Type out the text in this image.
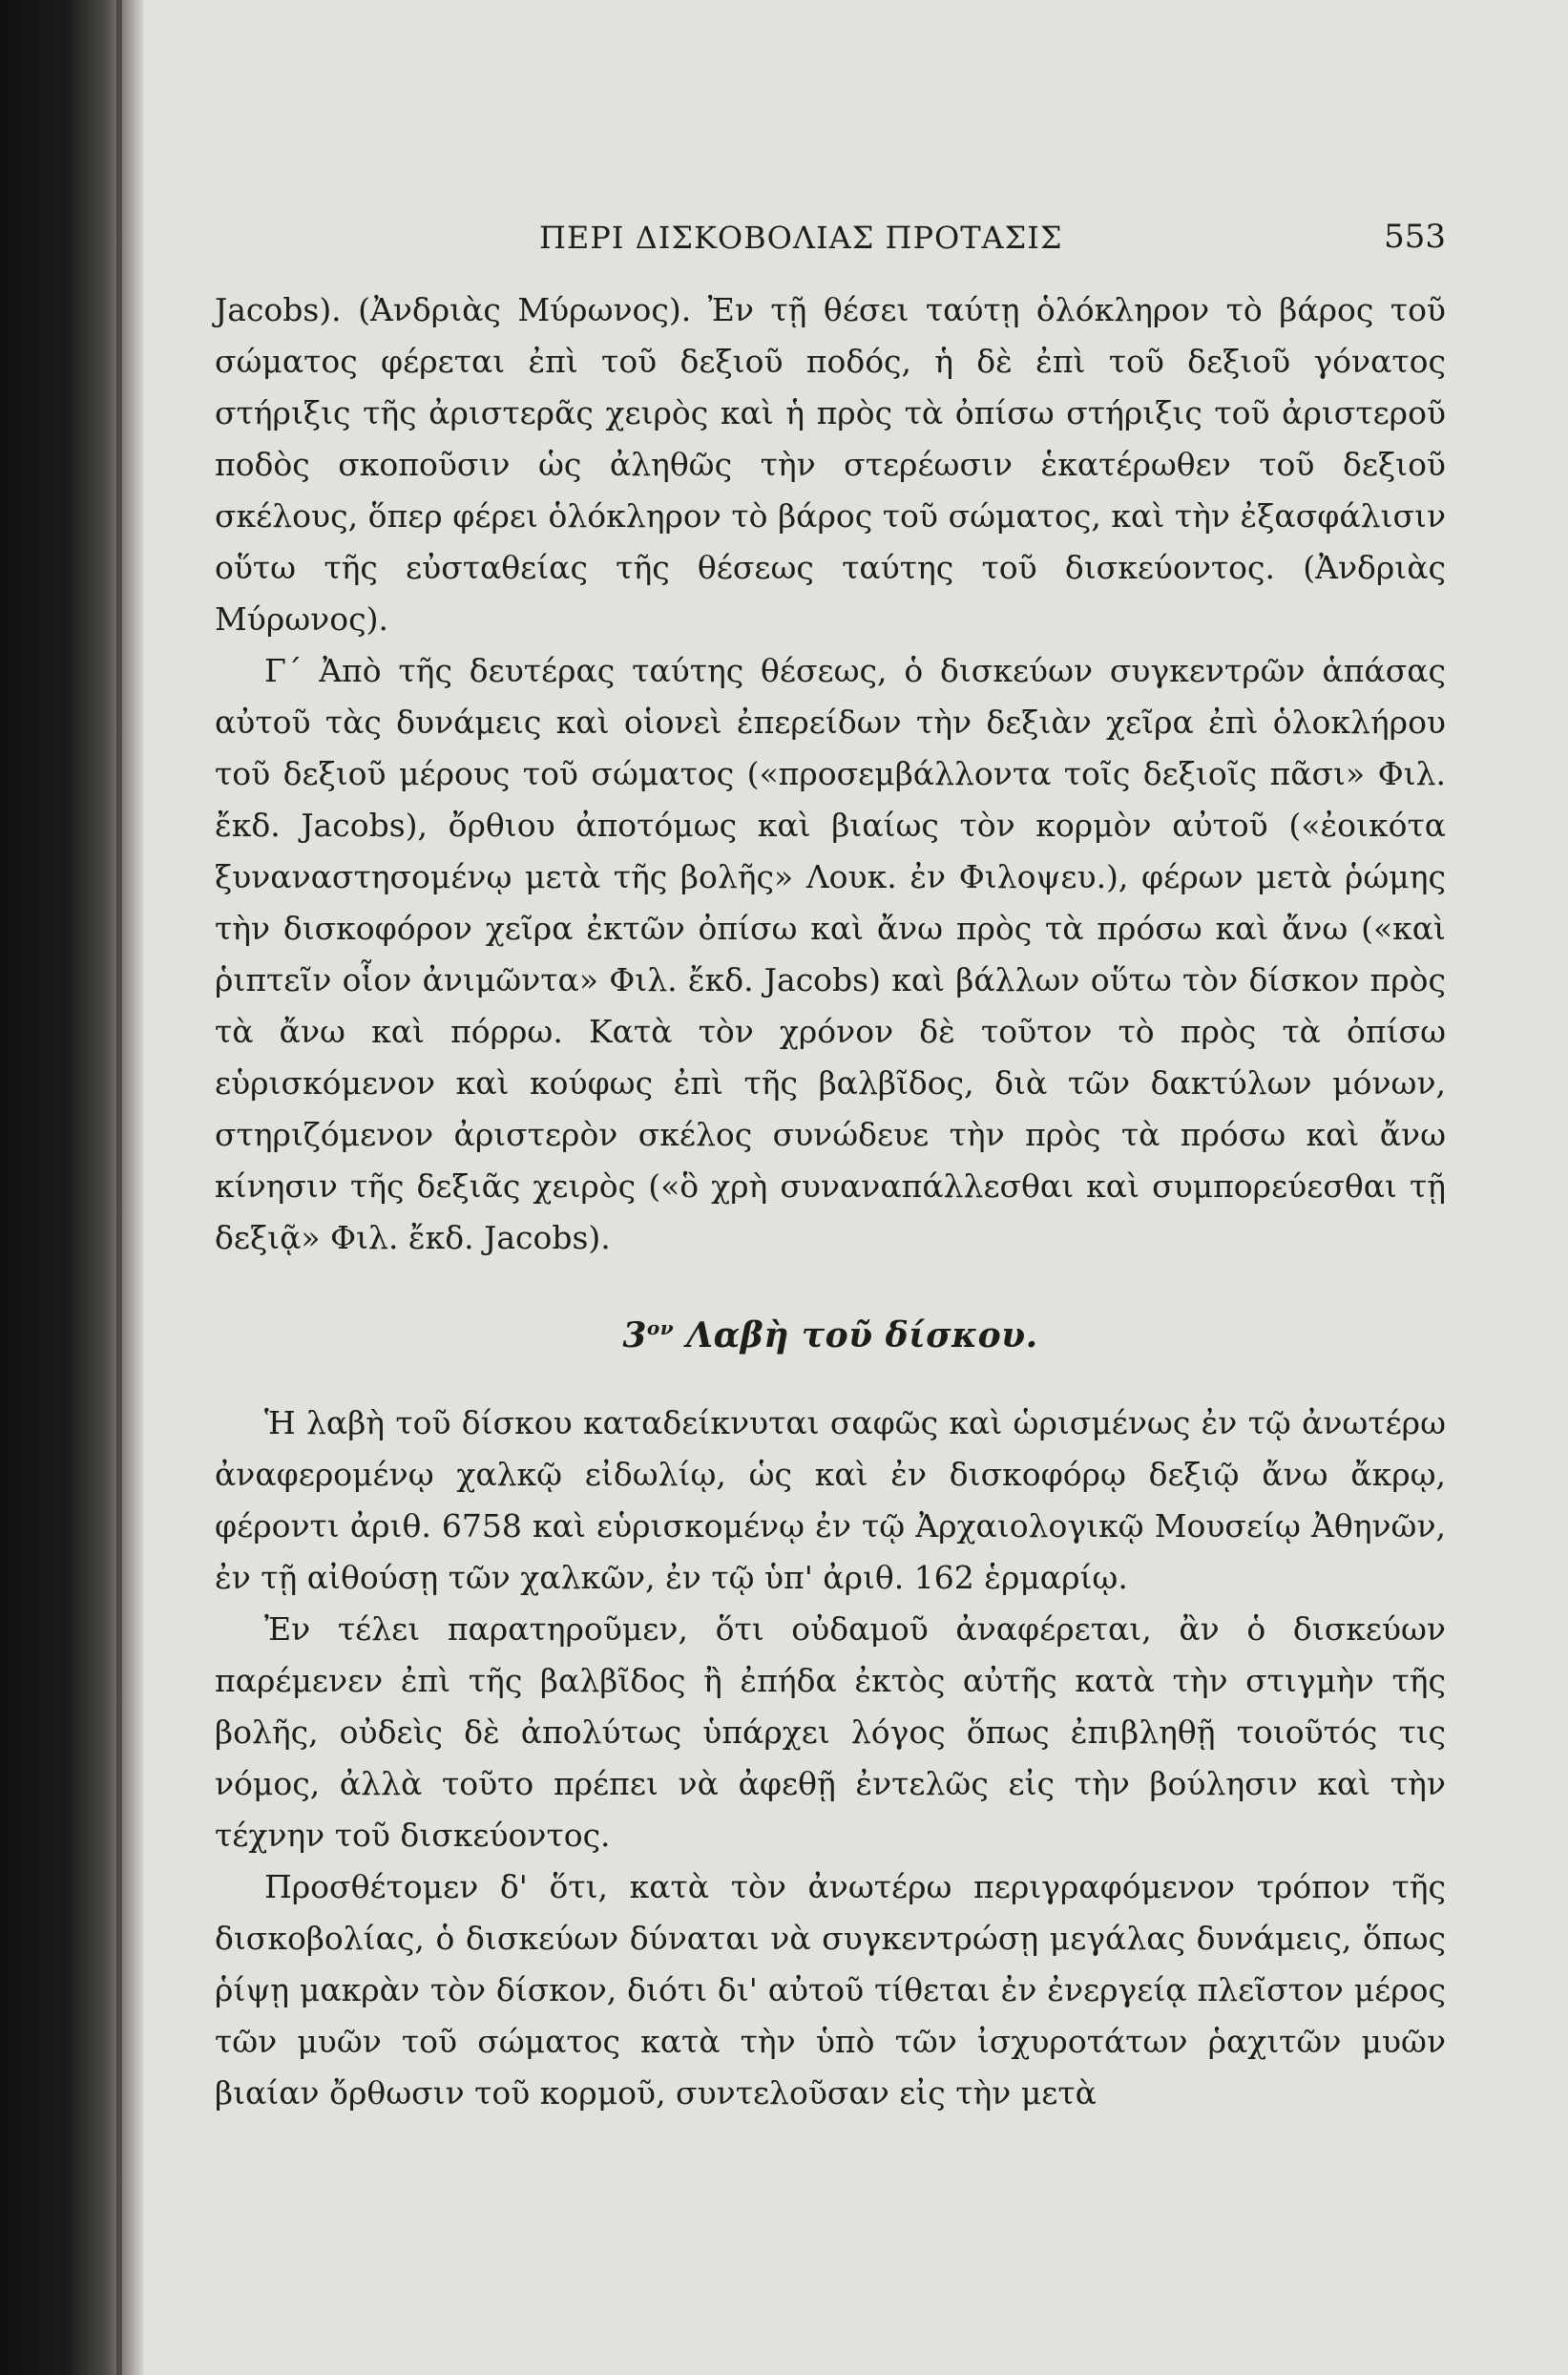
ΠΕΡΙ ΔΙΣΚΟΒΟΛΙΑΣ ΠΡΟΤΑΣΙΣ	553

Jacobs). (Ἀνδριὰς Μύρωνος). Ἐν τῇ θέσει ταύτῃ ὁλόκληρον τὸ βάρος τοῦ σώματος φέρεται ἐπὶ τοῦ δεξιοῦ ποδός, ἡ δὲ ἐπὶ τοῦ δεξιοῦ γόνατος στήριξις τῆς ἀριστερᾶς χειρὸς καὶ ἡ πρὸς τὰ ὀπίσω στήριξις τοῦ ἀριστεροῦ ποδὸς σκοποῦσιν ὡς ἀληθῶς τὴν στερέωσιν ἑκατέρωθεν τοῦ δεξιοῦ σκέλους, ὅπερ φέρει ὁλόκληρον τὸ βάρος τοῦ σώματος, καὶ τὴν ἐξασφάλισιν οὕτω τῆς εὐσταθείας τῆς θέσεως ταύτης τοῦ δισκεύοντος. (Ἀνδριὰς Μύρωνος).

Γ΄ Ἀπὸ τῆς δευτέρας ταύτης θέσεως, ὁ δισκεύων συγκεντρῶν ἁπάσας αὐτοῦ τὰς δυνάμεις καὶ οἱονεὶ ἐπερείδων τὴν δεξιὰν χεῖρα ἐπὶ ὁλοκλήρου τοῦ δεξιοῦ μέρους τοῦ σώματος («προσεμβάλλοντα τοῖς δεξιοῖς πᾶσι» Φιλ. ἔκδ. Jacobs), ὄρθιου ἀποτόμως καὶ βιαίως τὸν κορμὸν αὐτοῦ («ἐοικότα ξυναναστησομένῳ μετὰ τῆς βολῆς» Λουκ. ἐν Φιλοψευ.), φέρων μετὰ ῥώμης τὴν δισκοφόρον χεῖρα ἐκτῶν ὀπίσω καὶ ἄνω πρὸς τὰ πρόσω καὶ ἄνω («καὶ ῥιπτεῖν οἷον ἀνιμῶντα» Φιλ. ἔκδ. Jacobs) καὶ βάλλων οὕτω τὸν δίσκον πρὸς τὰ ἄνω καὶ πόρρω. Κατὰ τὸν χρόνον δὲ τοῦτον τὸ πρὸς τὰ ὀπίσω εὑρισκόμενον καὶ κούφως ἐπὶ τῆς βαλβῖδος, διὰ τῶν δακτύλων μόνων, στηριζόμενον ἀριστερὸν σκέλος συνώδευε τὴν πρὸς τὰ πρόσω καὶ ἄνω κίνησιν τῆς δεξιᾶς χειρὸς («ὃ χρὴ συναναπάλλεσθαι καὶ συμπορεύεσθαι τῇ δεξιᾷ» Φιλ. ἔκδ. Jacobs).

$3^{o\nu}$ Λαβὴ τοῦ δίσκου.

Ἡ λαβὴ τοῦ δίσκου καταδείκνυται σαφῶς καὶ ὡρισμένως ἐν τῷ ἀνωτέρω ἀναφερομένῳ χαλκῷ εἰδωλίῳ, ὡς καὶ ἐν δισκοφόρῳ δεξιῷ ἄνω ἄκρῳ, φέροντι ἀριθ. 6758 καὶ εὑρισκομένῳ ἐν τῷ Ἀρχαιολογικῷ Μουσείῳ Ἀθηνῶν, ἐν τῇ αἰθούσῃ τῶν χαλκῶν, ἐν τῷ ὑπ' ἀριθ. 162 ἑρμαρίῳ.

Ἐν τέλει παρατηροῦμεν, ὅτι οὐδαμοῦ ἀναφέρεται, ἂν ὁ δισκεύων παρέμενεν ἐπὶ τῆς βαλβῖδος ἢ ἐπήδα ἐκτὸς αὐτῆς κατὰ τὴν στιγμὴν τῆς βολῆς, οὐδεὶς δὲ ἀπολύτως ὑπάρχει λόγος ὅπως ἐπιβληθῇ τοιοῦτός τις νόμος, ἀλλὰ τοῦτο πρέπει νὰ ἀφεθῇ ἐντελῶς εἰς τὴν βούλησιν καὶ τὴν τέχνην τοῦ δισκεύοντος.

Προσθέτομεν δ' ὅτι, κατὰ τὸν ἀνωτέρω περιγραφόμενον τρόπον τῆς δισκοβολίας, ὁ δισκεύων δύναται νὰ συγκεντρώσῃ μεγάλας δυνάμεις, ὅπως ῥίψῃ μακρὰν τὸν δίσκον, διότι δι' αὐτοῦ τίθεται ἐν ἐνεργείᾳ πλεῖστον μέρος τῶν μυῶν τοῦ σώματος κατὰ τὴν ὑπὸ τῶν ἰσχυροτάτων ῥαχιτῶν μυῶν βιαίαν ὄρθωσιν τοῦ κορμοῦ, συντελοῦσαν εἰς τὴν μετὰ
